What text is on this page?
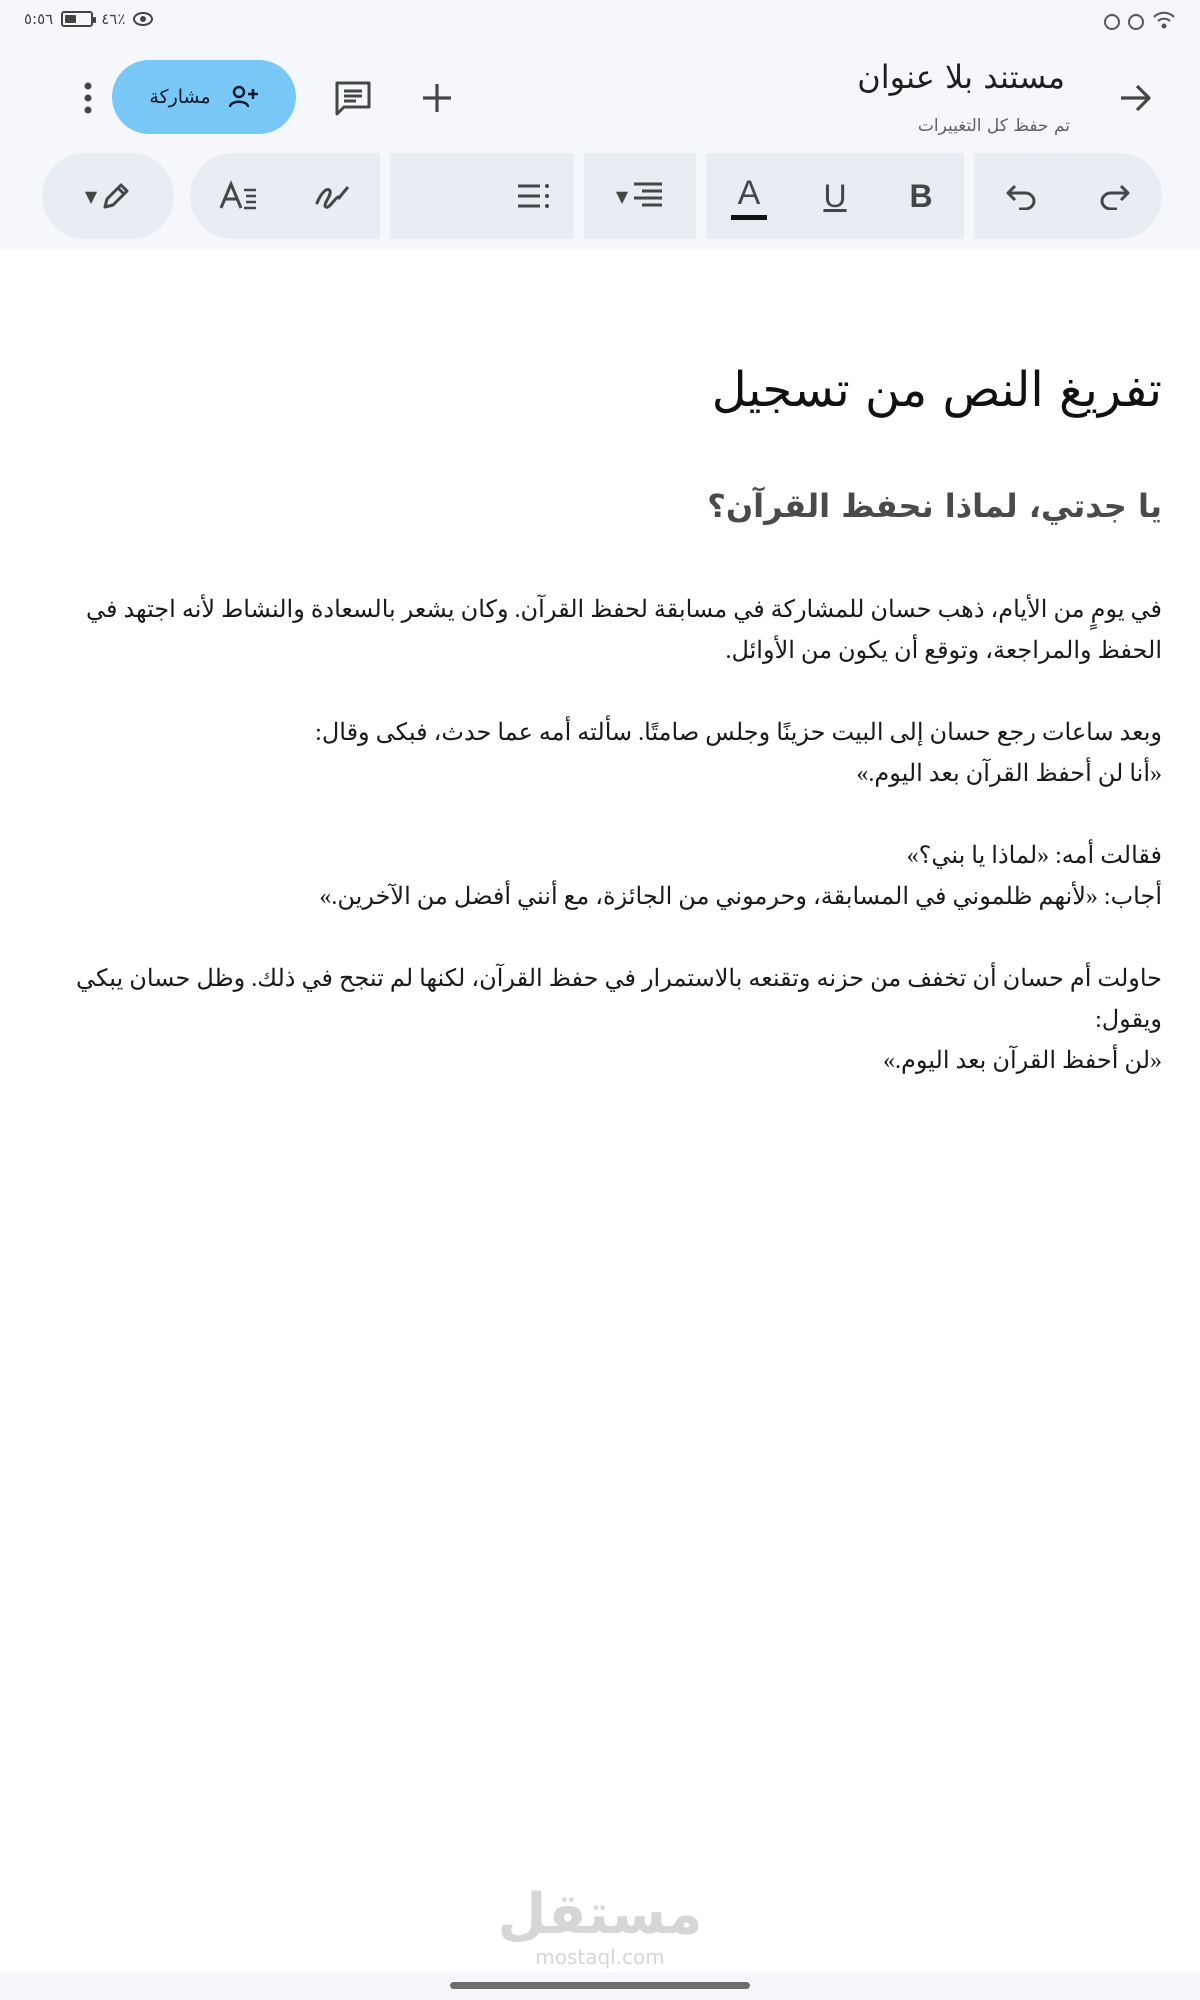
٥:٥٦	٤٦٪
مشاركة
مستند بلا عنوان
تم حفظ كل التغييرات
▼	▼	A U B
تفريغ النص من تسجيل
يا جدتي، لماذا نحفظ القرآن؟
في يومٍ من الأيام، ذهب حسان للمشاركة في مسابقة لحفظ القرآن. وكان يشعر بالسعادة والنشاط لأنه اجتهد في
الحفظ والمراجعة، وتوقع أن يكون من الأوائل.
وبعد ساعات رجع حسان إلى البيت حزينًا وجلس صامتًا. سألته أمه عما حدث، فبكى وقال:
«أنا لن أحفظ القرآن بعد اليوم.»
فقالت أمه: «لماذا يا بني؟»
أجاب: «لأنهم ظلموني في المسابقة، وحرموني من الجائزة، مع أنني أفضل من الآخرين.»
حاولت أم حسان أن تخفف من حزنه وتقنعه بالاستمرار في حفظ القرآن، لكنها لم تنجح في ذلك. وظل حسان يبكي
ويقول:
«لن أحفظ القرآن بعد اليوم.»
مستقل
mostaql.com
